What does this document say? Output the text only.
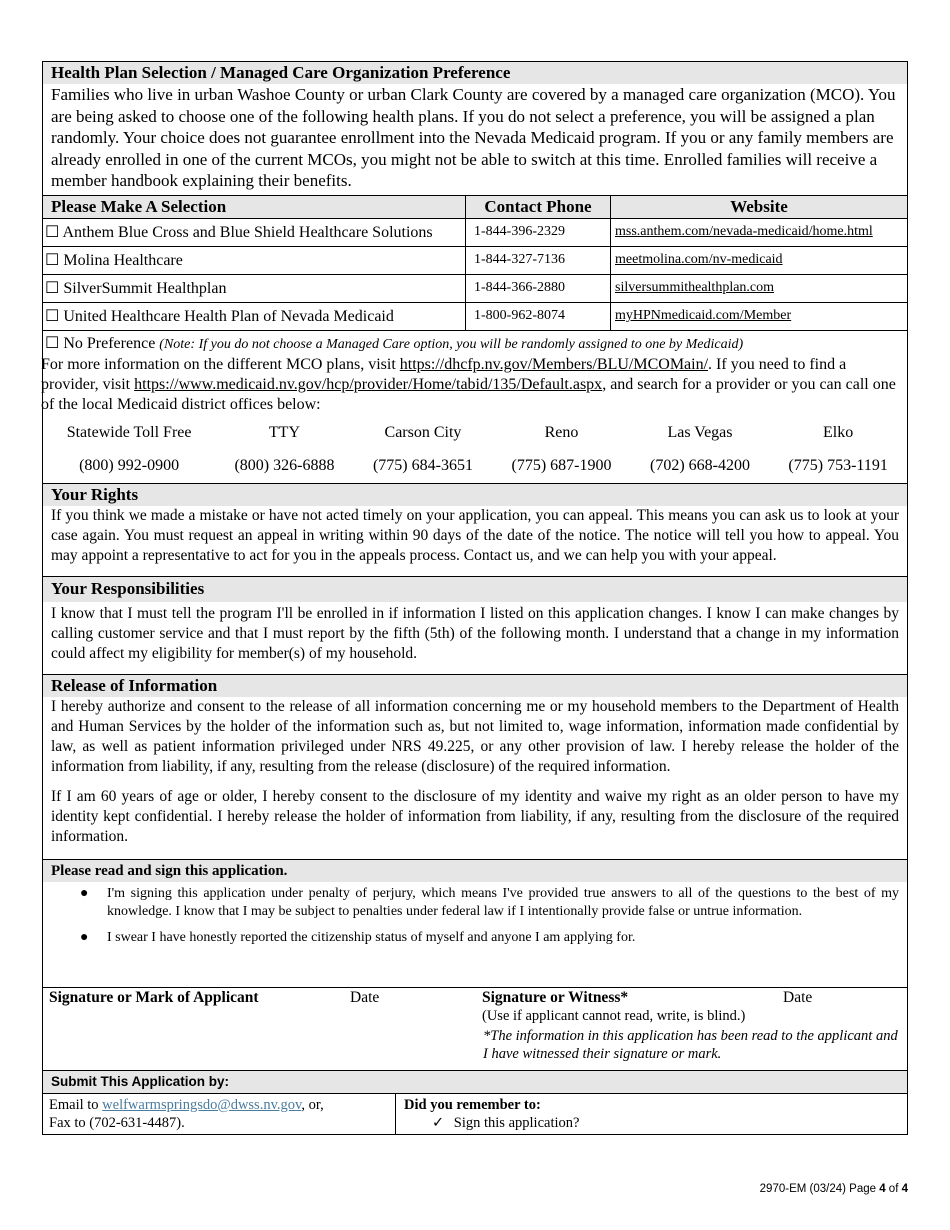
Health Plan Selection / Managed Care Organization Preference
Families who live in urban Washoe County or urban Clark County are covered by a managed care organization (MCO). You are being asked to choose one of the following health plans. If you do not select a preference, you will be assigned a plan randomly. Your choice does not guarantee enrollment into the Nevada Medicaid program. If you or any family members are already enrolled in one of the current MCOs, you might not be able to switch at this time. Enrolled families will receive a member handbook explaining their benefits.
Please Make A Selection	Contact Phone	Website
☐ Anthem Blue Cross and Blue Shield Healthcare Solutions	1-844-396-2329	mss.anthem.com/nevada-medicaid/home.html
☐ Molina Healthcare	1-844-327-7136	meetmolina.com/nv-medicaid
☐ SilverSummit Healthplan	1-844-366-2880	silversummithealthplan.com
☐ United Healthcare Health Plan of Nevada Medicaid	1-800-962-8074	myHPNmedicaid.com/Member
☐ No Preference (Note: If you do not choose a Managed Care option, you will be randomly assigned to one by Medicaid)
For more information on the different MCO plans, visit https://dhcfp.nv.gov/Members/BLU/MCOMain/. If you need to find a provider, visit https://www.medicaid.nv.gov/hcp/provider/Home/tabid/135/Default.aspx, and search for a provider or you can call one of the local Medicaid district offices below:
Statewide Toll Free	TTY	Carson City	Reno	Las Vegas	Elko
(800) 992-0900	(800) 326-6888	(775) 684-3651	(775) 687-1900	(702) 668-4200	(775) 753-1191
Your Rights
If you think we made a mistake or have not acted timely on your application, you can appeal. This means you can ask us to look at your case again. You must request an appeal in writing within 90 days of the date of the notice. The notice will tell you how to appeal. You may appoint a representative to act for you in the appeals process. Contact us, and we can help you with your appeal.
Your Responsibilities
I know that I must tell the program I'll be enrolled in if information I listed on this application changes. I know I can make changes by calling customer service and that I must report by the fifth (5th) of the following month. I understand that a change in my information could affect my eligibility for member(s) of my household.
Release of Information
I hereby authorize and consent to the release of all information concerning me or my household members to the Department of Health and Human Services by the holder of the information such as, but not limited to, wage information, information made confidential by law, as well as patient information privileged under NRS 49.225, or any other provision of law. I hereby release the holder of the information from liability, if any, resulting from the release (disclosure) of the required information.
If I am 60 years of age or older, I hereby consent to the disclosure of my identity and waive my right as an older person to have my identity kept confidential. I hereby release the holder of information from liability, if any, resulting from the disclosure of the required information.
Please read and sign this application.
● I'm signing this application under penalty of perjury, which means I've provided true answers to all of the questions to the best of my knowledge. I know that I may be subject to penalties under federal law if I intentionally provide false or untrue information.
● I swear I have honestly reported the citizenship status of myself and anyone I am applying for.
Signature or Mark of Applicant	Date	Signature or Witness*	Date
(Use if applicant cannot read, write, is blind.)
*The information in this application has been read to the applicant and I have witnessed their signature or mark.
Submit This Application by:
Email to welfwarmspringsdo@dwss.nv.gov, or,
Fax to (702-631-4487).	Did you remember to:
✓ Sign this application?
2970-EM (03/24) Page 4 of 4
